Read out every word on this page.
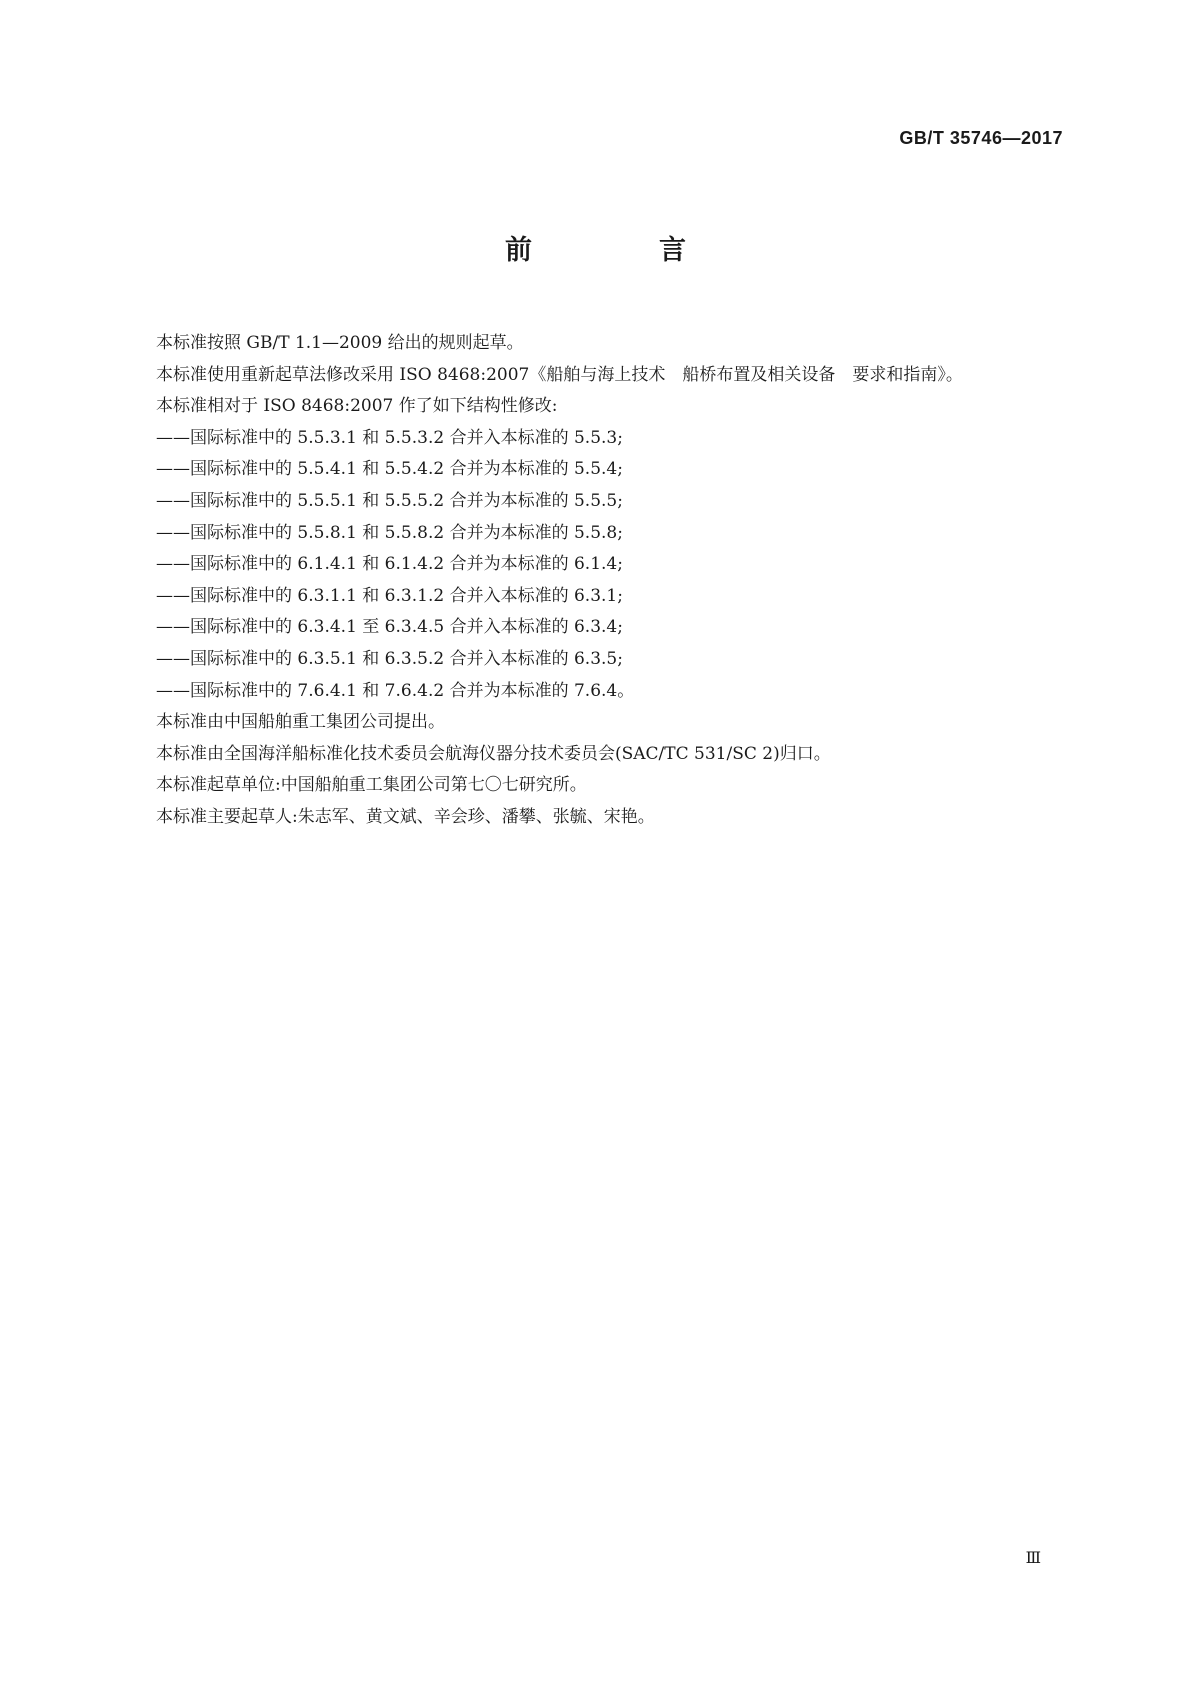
GB/T 35746—2017
前　言

本标准按照 GB/T 1.1—2009 给出的规则起草。

本标准使用重新起草法修改采用 ISO 8468:2007《船舶与海上技术　船桥布置及相关设备　要求和指南》。

本标准相对于 ISO 8468:2007 作了如下结构性修改:

——国际标准中的 5.5.3.1 和 5.5.3.2 合并入本标准的 5.5.3;

——国际标准中的 5.5.4.1 和 5.5.4.2 合并为本标准的 5.5.4;

——国际标准中的 5.5.5.1 和 5.5.5.2 合并为本标准的 5.5.5;

——国际标准中的 5.5.8.1 和 5.5.8.2 合并为本标准的 5.5.8;

——国际标准中的 6.1.4.1 和 6.1.4.2 合并为本标准的 6.1.4;

——国际标准中的 6.3.1.1 和 6.3.1.2 合并入本标准的 6.3.1;

——国际标准中的 6.3.4.1 至 6.3.4.5 合并入本标准的 6.3.4;

——国际标准中的 6.3.5.1 和 6.3.5.2 合并入本标准的 6.3.5;

——国际标准中的 7.6.4.1 和 7.6.4.2 合并为本标准的 7.6.4。

本标准由中国船舶重工集团公司提出。

本标准由全国海洋船标准化技术委员会航海仪器分技术委员会(SAC/TC 531/SC 2)归口。

本标准起草单位:中国船舶重工集团公司第七〇七研究所。

本标准主要起草人:朱志军、黄文斌、辛会珍、潘攀、张毓、宋艳。

Ⅲ
